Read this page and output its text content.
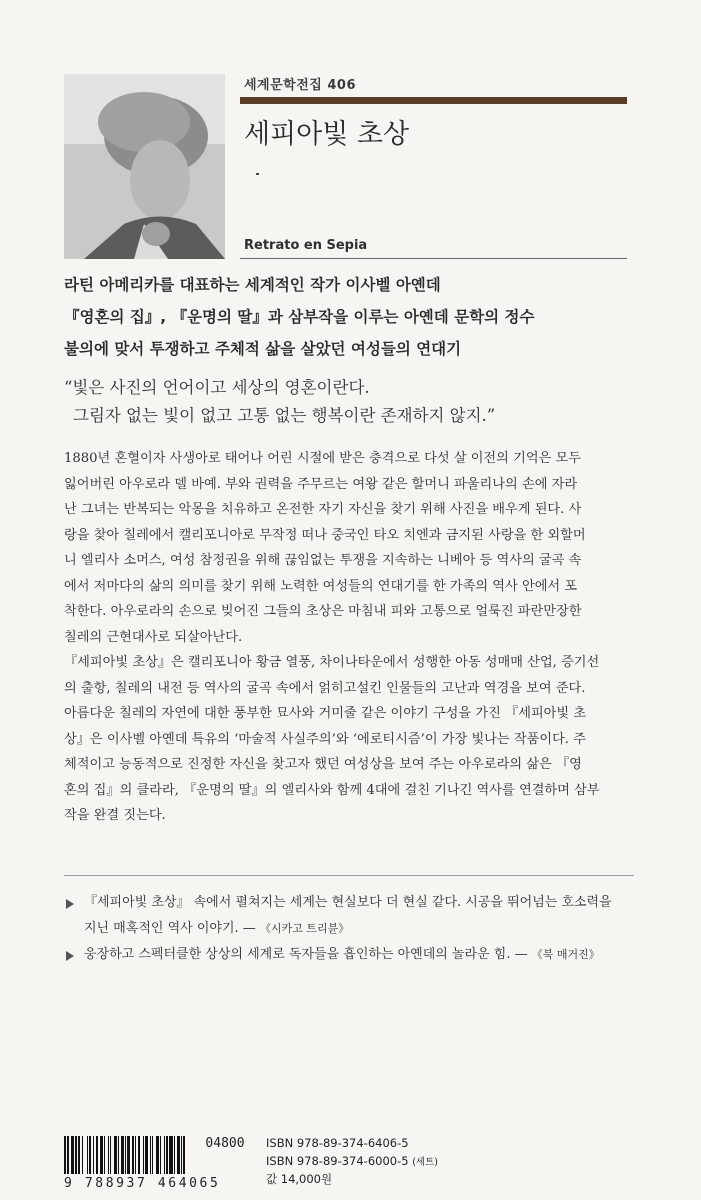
세계문학전집 406
세피아빛 초상
Retrato en Sepia
라틴 아메리카를 대표하는 세계적인 작가 이사벨 아옌데
『영혼의 집』, 『운명의 딸』과 삼부작을 이루는 아옌데 문학의 정수
불의에 맞서 투쟁하고 주체적 삶을 살았던 여성들의 연대기
“빛은 사진의 언어이고 세상의 영혼이란다.
그림자 없는 빛이 없고 고통 없는 행복이란 존재하지 않지.”
1880년 혼혈이자 사생아로 태어나 어린 시절에 받은 충격으로 다섯 살 이전의 기억은 모두
잃어버린 아우로라 델 바예. 부와 권력을 주무르는 여왕 같은 할머니 파울리나의 손에 자라
난 그녀는 반복되는 악몽을 치유하고 온전한 자기 자신을 찾기 위해 사진을 배우게 된다. 사
랑을 찾아 칠레에서 캘리포니아로 무작정 떠나 중국인 타오 치엔과 금지된 사랑을 한 외할머
니 엘리사 소머스, 여성 참정권을 위해 끊임없는 투쟁을 지속하는 니베아 등 역사의 굴곡 속
에서 저마다의 삶의 의미를 찾기 위해 노력한 여성들의 연대기를 한 가족의 역사 안에서 포
착한다. 아우로라의 손으로 빚어진 그들의 초상은 마침내 피와 고통으로 얼룩진 파란만장한
칠레의 근현대사로 되살아난다.
『세피아빛 초상』은 캘리포니아 황금 열풍, 차이나타운에서 성행한 아동 성매매 산업, 증기선
의 출항, 칠레의 내전 등 역사의 굴곡 속에서 얽히고설킨 인물들의 고난과 역경을 보여 준다.
아름다운 칠레의 자연에 대한 풍부한 묘사와 거미줄 같은 이야기 구성을 가진 『세피아빛 초
상』은 이사벨 아옌데 특유의 ‘마술적 사실주의’와 ‘에로티시즘’이 가장 빛나는 작품이다. 주
체적이고 능동적으로 진정한 자신을 찾고자 했던 여성상을 보여 주는 아우로라의 삶은 『영
혼의 집』의 클라라, 『운명의 딸』의 엘리사와 함께 4대에 걸친 기나긴 역사를 연결하며 삼부
작을 완결 짓는다.
『세피아빛 초상』 속에서 펼쳐지는 세계는 현실보다 더 현실 같다. 시공을 뛰어넘는 호소력을
지닌 매혹적인 역사 이야기. — 《시카고 트리뷴》
웅장하고 스펙터클한 상상의 세계로 독자들을 흡인하는 아옌데의 놀라운 힘. — 《북 매거진》
04800
9 788937 464065
ISBN 978-89-374-6406-5
ISBN 978-89-374-6000-5 (세트)
값 14,000원
